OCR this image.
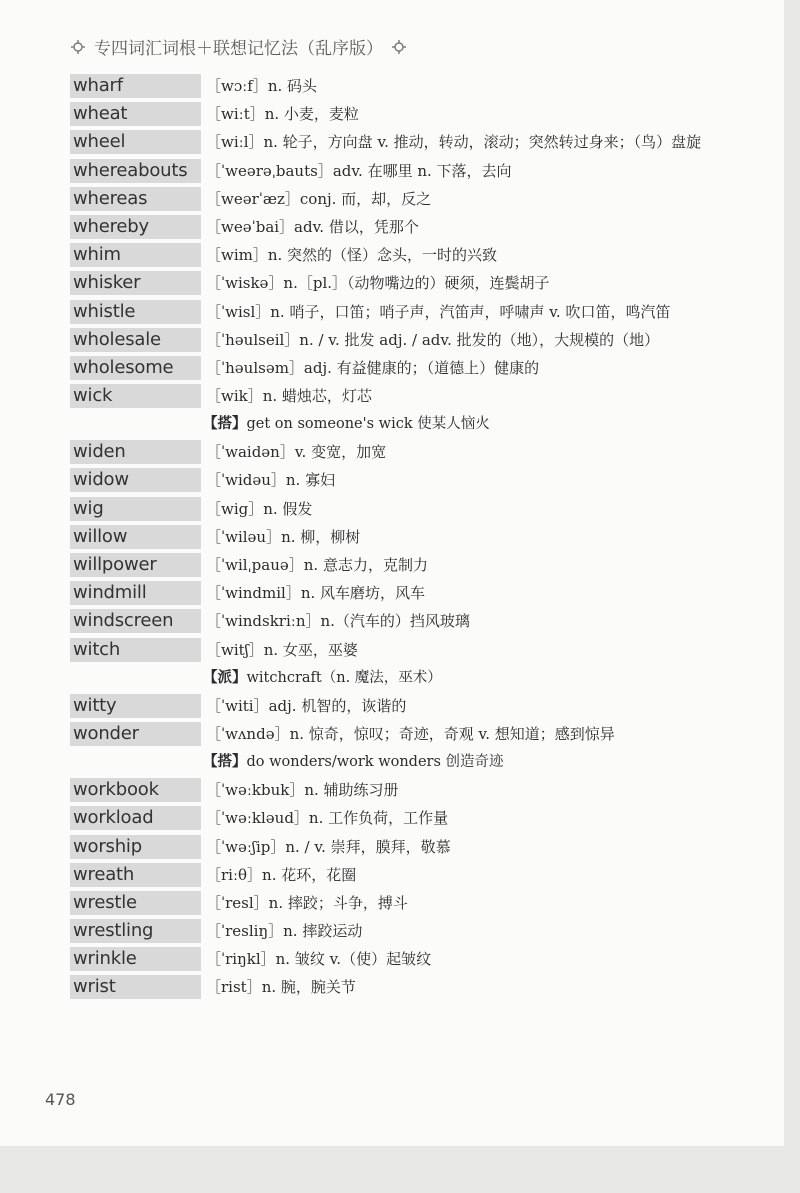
专四词汇词根＋联想记忆法（乱序版）
wharf	［wɔːf］n. 码头
wheat	［wiːt］n. 小麦，麦粒
wheel	［wiːl］n. 轮子，方向盘 v. 推动，转动，滚动；突然转过身来；（鸟）盘旋
whereabouts	［ˈweərəˌbauts］adv. 在哪里 n. 下落，去向
whereas	［weərˈæz］conj. 而，却，反之
whereby	［weəˈbai］adv. 借以，凭那个
whim	［wim］n. 突然的（怪）念头，一时的兴致
whisker	［ˈwiskə］n.［pl.］（动物嘴边的）硬须，连鬓胡子
whistle	［ˈwisl］n. 哨子，口笛；哨子声，汽笛声，呼啸声 v. 吹口笛，鸣汽笛
wholesale	［ˈhəulseil］n. / v. 批发 adj. / adv. 批发的（地），大规模的（地）
wholesome	［ˈhəulsəm］adj. 有益健康的；（道德上）健康的
wick	［wik］n. 蜡烛芯，灯芯
【搭】get on someone's wick 使某人恼火
widen	［ˈwaidən］v. 变宽，加宽
widow	［ˈwidəu］n. 寡妇
wig	［wig］n. 假发
willow	［ˈwiləu］n. 柳，柳树
willpower	［ˈwilˌpauə］n. 意志力，克制力
windmill	［ˈwindmil］n. 风车磨坊，风车
windscreen	［ˈwindskriːn］n.（汽车的）挡风玻璃
witch	［witʃ］n. 女巫，巫婆
【派】witchcraft（n. 魔法，巫术）
witty	［ˈwiti］adj. 机智的，诙谐的
wonder	［ˈwʌndə］n. 惊奇，惊叹；奇迹，奇观 v. 想知道；感到惊异
【搭】do wonders/work wonders 创造奇迹
workbook	［ˈwəːkbuk］n. 辅助练习册
workload	［ˈwəːkləud］n. 工作负荷，工作量
worship	［ˈwəːʃip］n. / v. 崇拜，膜拜，敬慕
wreath	［riːθ］n. 花环，花圈
wrestle	［ˈresl］n. 摔跤；斗争，搏斗
wrestling	［ˈresliŋ］n. 摔跤运动
wrinkle	［ˈriŋkl］n. 皱纹 v.（使）起皱纹
wrist	［rist］n. 腕，腕关节
478
